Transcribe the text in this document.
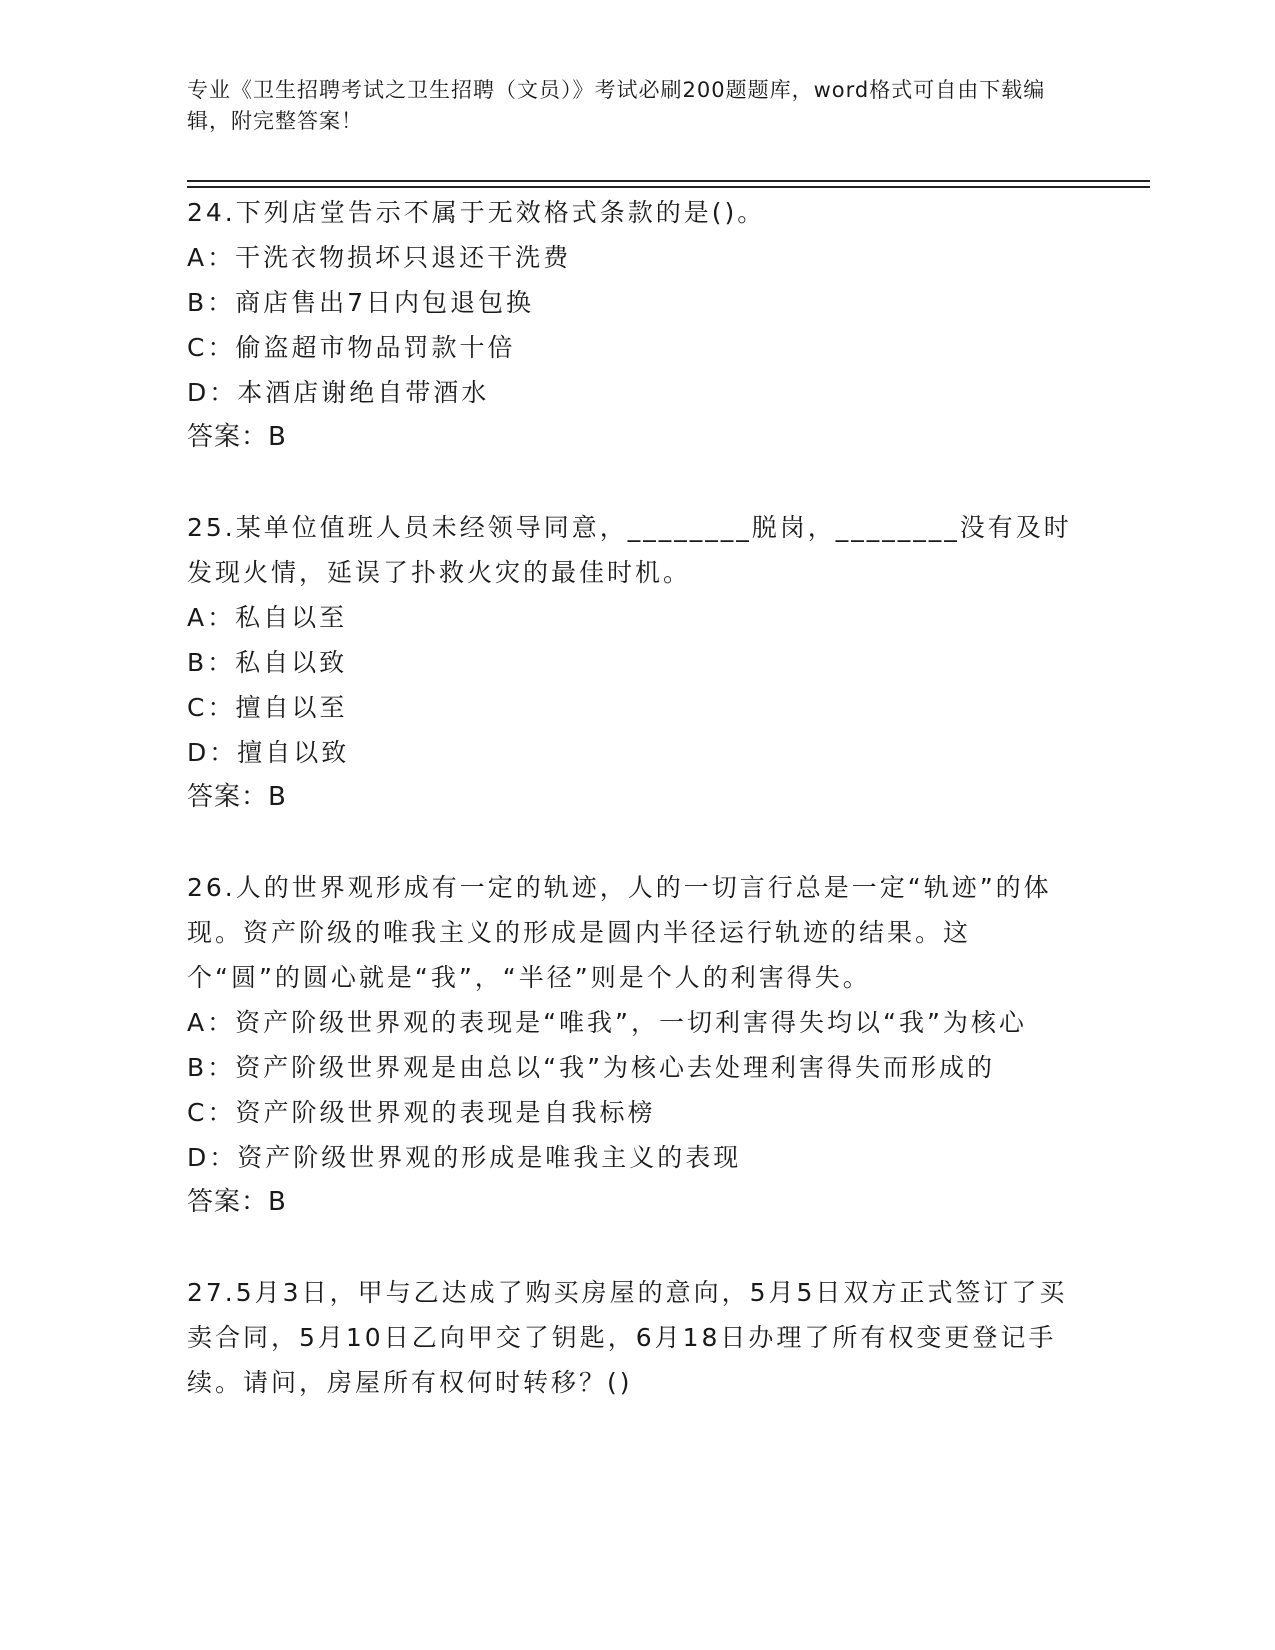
专业《卫生招聘考试之卫生招聘（文员）》考试必刷200题题库，word格式可自由下载编辑，附完整答案！
24.下列店堂告示不属于无效格式条款的是()。
A：干洗衣物损坏只退还干洗费
B：商店售出7日内包退包换
C：偷盗超市物品罚款十倍
D：本酒店谢绝自带酒水
答案：B
25.某单位值班人员未经领导同意，________脱岗，________没有及时发现火情，延误了扑救火灾的最佳时机。
A：私自以至
B：私自以致
C：擅自以至
D：擅自以致
答案：B
26.人的世界观形成有一定的轨迹，人的一切言行总是一定“轨迹”的体现。资产阶级的唯我主义的形成是圆内半径运行轨迹的结果。这个“圆”的圆心就是“我”，“半径”则是个人的利害得失。
A：资产阶级世界观的表现是“唯我”，一切利害得失均以“我”为核心
B：资产阶级世界观是由总以“我”为核心去处理利害得失而形成的
C：资产阶级世界观的表现是自我标榜
D：资产阶级世界观的形成是唯我主义的表现
答案：B
27.5月3日，甲与乙达成了购买房屋的意向，5月5日双方正式签订了买卖合同，5月10日乙向甲交了钥匙，6月18日办理了所有权变更登记手续。请问，房屋所有权何时转移？()
